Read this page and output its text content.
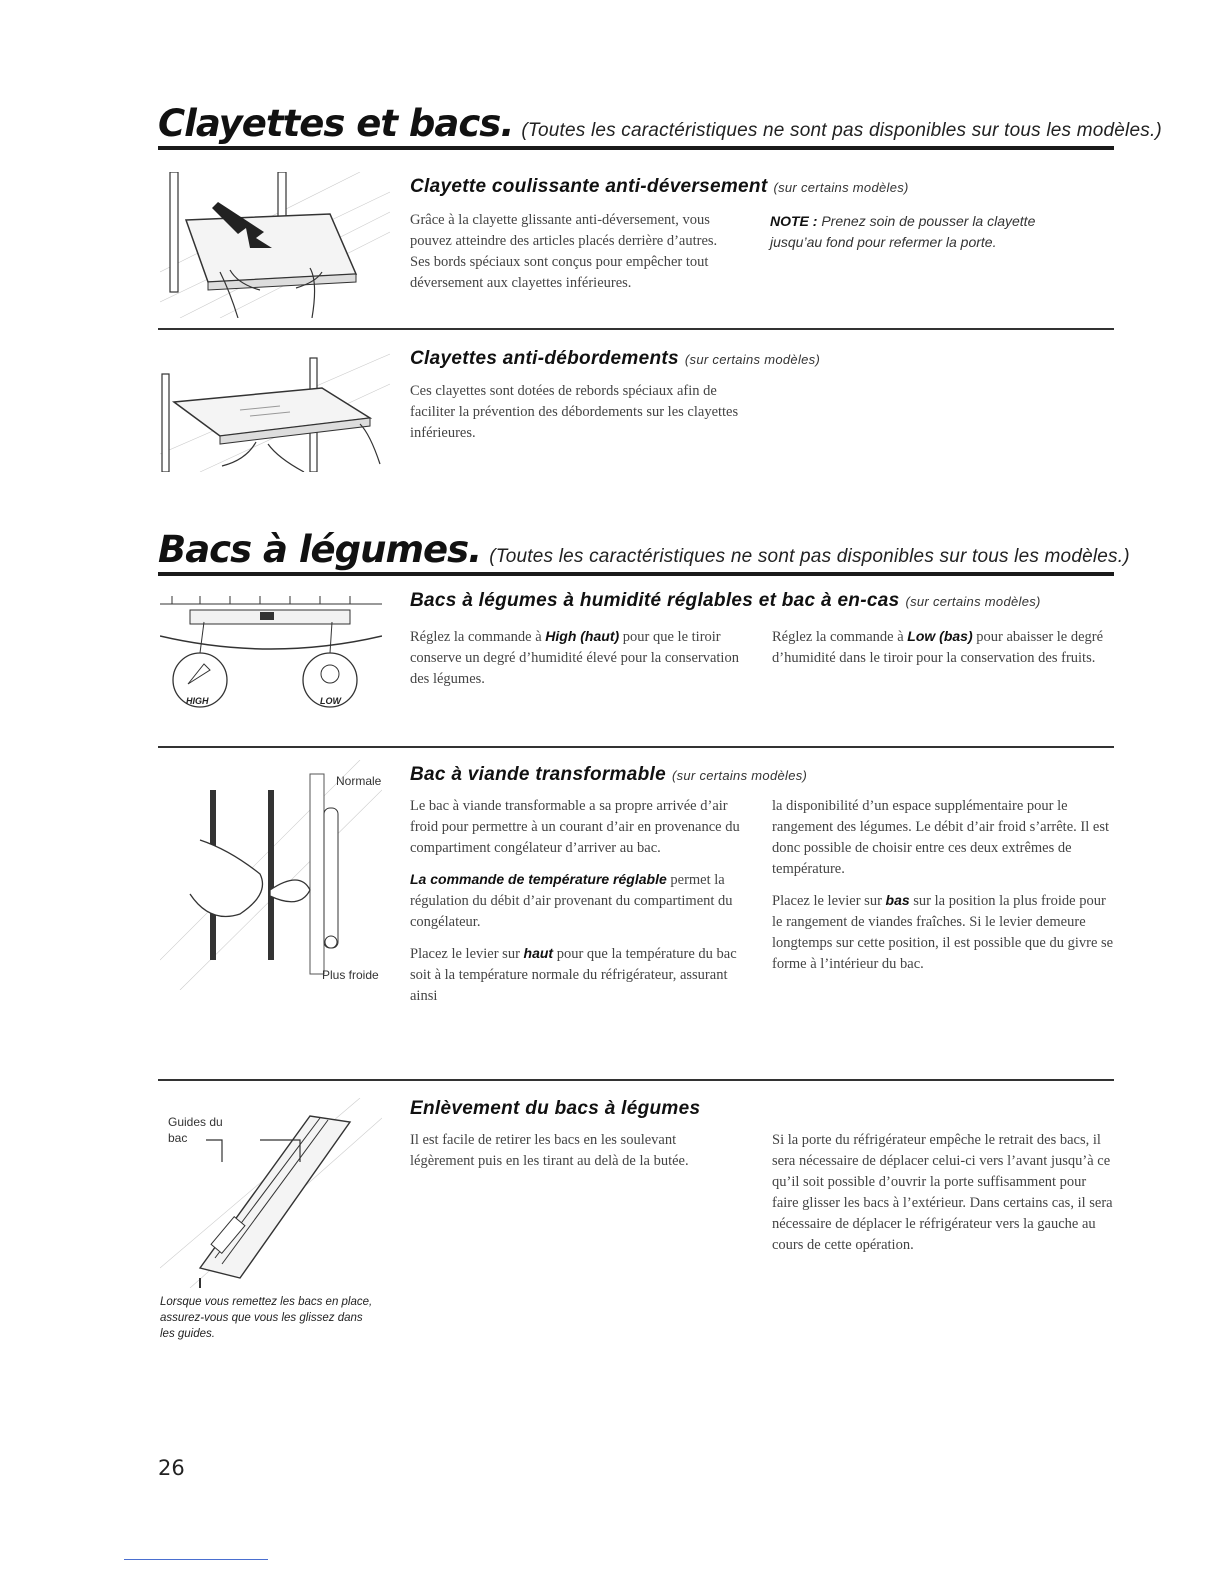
Clayettes et bacs. (Toutes les caractéristiques ne sont pas disponibles sur tous les modèles.)
Clayette coulissante anti-déversement (sur certains modèles)

Grâce à la clayette glissante anti-déversement, vous pouvez atteindre des articles placés derrière d’autres. Ses bords spéciaux sont conçus pour empêcher tout déversement aux clayettes inférieures.

NOTE : Prenez soin de pousser la clayette jusqu’au fond pour refermer la porte.
Clayettes anti-débordements (sur certains modèles)

Ces clayettes sont dotées de rebords spéciaux afin de faciliter la prévention des débordements sur les clayettes inférieures.

Bacs à légumes. (Toutes les caractéristiques ne sont pas disponibles sur tous les modèles.)
HIGH	LOW
Bacs à légumes à humidité réglables et bac à en-cas (sur certains modèles)

Réglez la commande à High (haut) pour que le tiroir conserve un degré d’humidité élevé pour la conservation des légumes.

Réglez la commande à Low (bas) pour abaisser le degré d’humidité dans le tiroir pour la conservation des fruits.

Normale
Plus froide
Bac à viande transformable (sur certains modèles)

Le bac à viande transformable a sa propre arrivée d’air froid pour permettre à un courant d’air en provenance du compartiment congélateur d’arriver au bac.

La commande de température réglable permet la régulation du débit d’air provenant du compartiment du congélateur.

Placez le levier sur haut pour que la température du bac soit à la température normale du réfrigérateur, assurant ainsi

la disponibilité d’un espace supplémentaire pour le rangement des légumes. Le débit d’air froid s’arrête. Il est donc possible de choisir entre ces deux extrêmes de température.

Placez le levier sur bas sur la position la plus froide pour le rangement de viandes fraîches. Si le levier demeure longtemps sur cette position, il est possible que du givre se forme à l’intérieur du bac.

Guides du bac
Lorsque vous remettez les bacs en place, assurez-vous que vous les glissez dans les guides.
Enlèvement du bacs à légumes

Il est facile de retirer les bacs en les soulevant légèrement puis en les tirant au delà de la butée.

Si la porte du réfrigérateur empêche le retrait des bacs, il sera nécessaire de déplacer celui-ci vers l’avant jusqu’à ce qu’il soit possible d’ouvrir la porte suffisamment pour faire glisser les bacs à l’extérieur. Dans certains cas, il sera nécessaire de déplacer le réfrigérateur vers la gauche au cours de cette opération.

26
